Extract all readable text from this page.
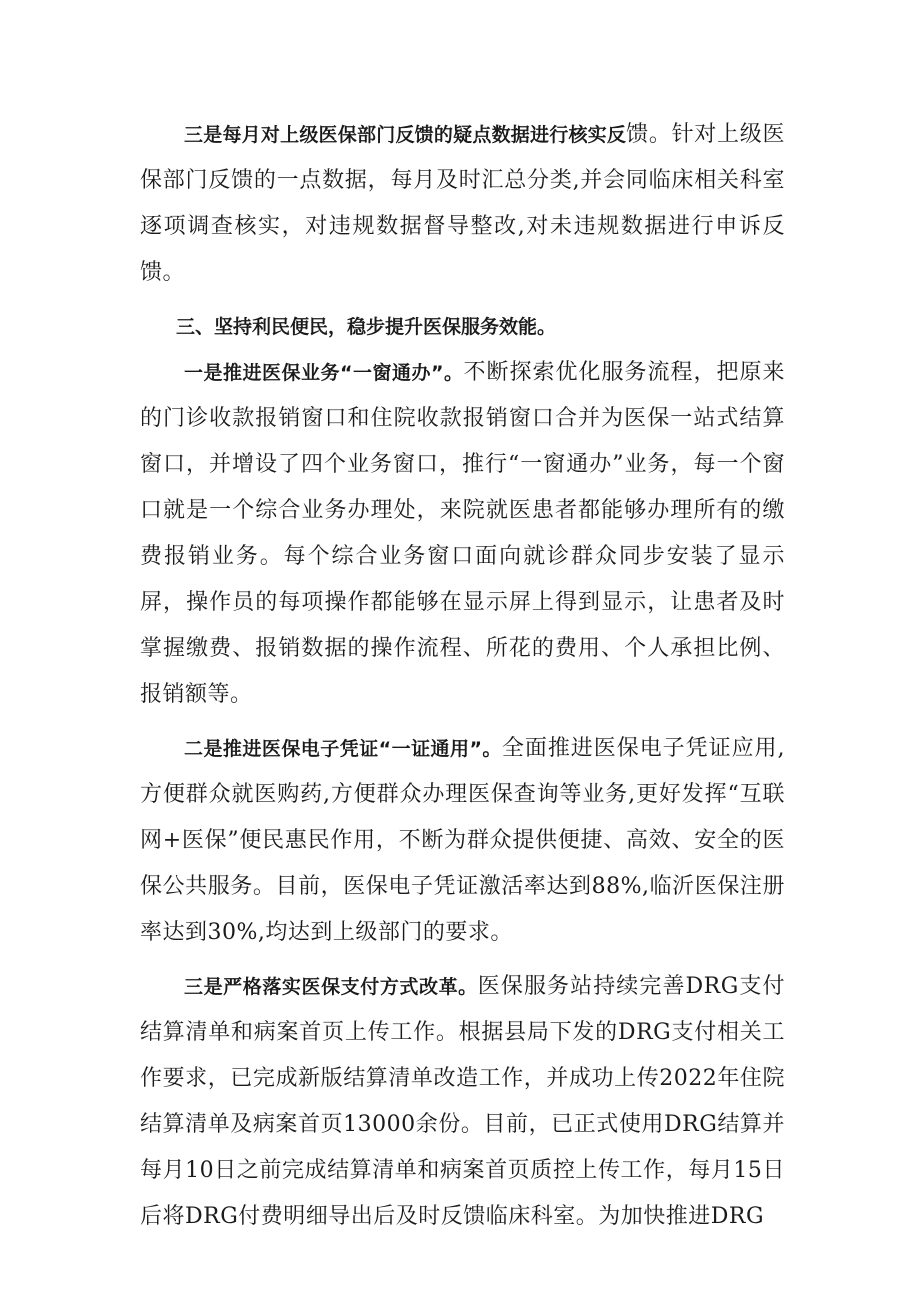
三是每月对上级医保部门反馈的疑点数据进行核实反馈。针对上级医保部门反馈的一点数据，每月及时汇总分类,并会同临床相关科室逐项调查核实，对违规数据督导整改,对未违规数据进行申诉反馈。

三、坚持利民便民，稳步提升医保服务效能。

一是推进医保业务“一窗通办”。不断探索优化服务流程，把原来的门诊收款报销窗口和住院收款报销窗口合并为医保一站式结算窗口，并增设了四个业务窗口，推行“一窗通办”业务，每一个窗口就是一个综合业务办理处，来院就医患者都能够办理所有的缴费报销业务。每个综合业务窗口面向就诊群众同步安装了显示屏，操作员的每项操作都能够在显示屏上得到显示，让患者及时掌握缴费、报销数据的操作流程、所花的费用、个人承担比例、报销额等。

二是推进医保电子凭证“一证通用”。全面推进医保电子凭证应用,方便群众就医购药,方便群众办理医保查询等业务,更好发挥“互联网+医保”便民惠民作用，不断为群众提供便捷、高效、安全的医保公共服务。目前，医保电子凭证激活率达到88%,临沂医保注册率达到30%,均达到上级部门的要求。

三是严格落实医保支付方式改革。医保服务站持续完善DRG支付结算清单和病案首页上传工作。根据县局下发的DRG支付相关工作要求，已完成新版结算清单改造工作，并成功上传2022年住院结算清单及病案首页13000余份。目前，已正式使用DRG结算并每月10日之前完成结算清单和病案首页质控上传工作，每月15日后将DRG付费明细导出后及时反馈临床科室。为加快推进DRG
